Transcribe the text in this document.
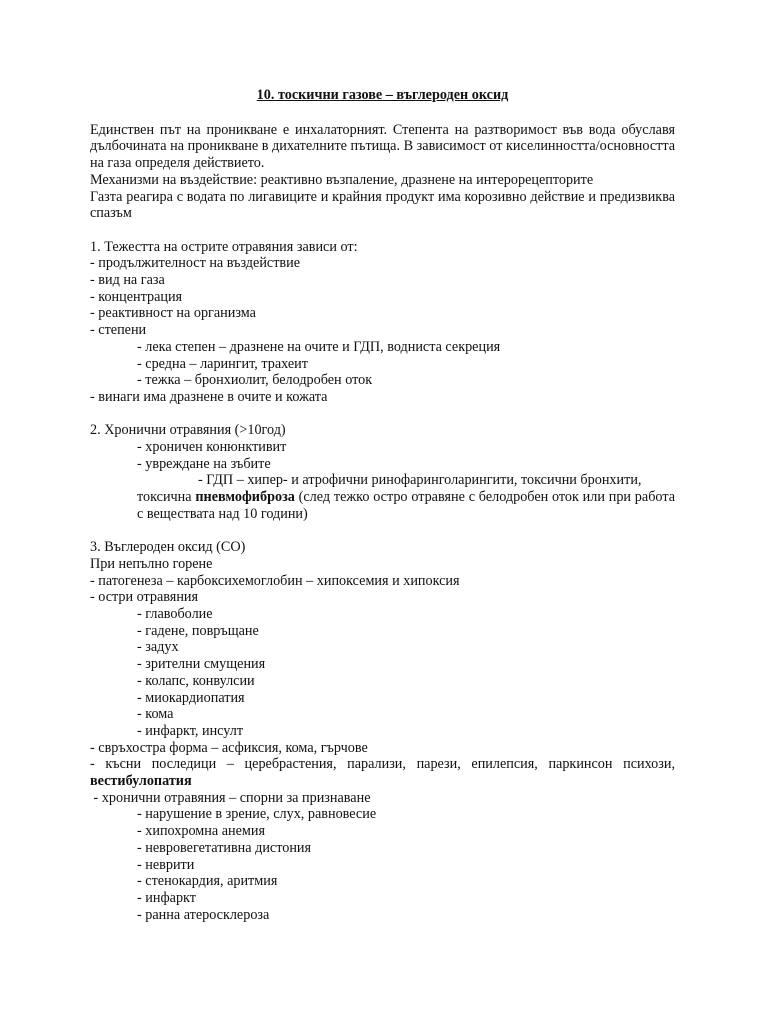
10. тоскични газове – въглероден оксид

Единствен път на проникване е инхалаторният. Степента на разтворимост във вода обуславя дълбочината на проникване в дихателните пътища. В зависимост от киселинността/основността на газа определя действието.

Механизми на въздействие: реактивно възпаление, дразнене на интерорецепторите

Газта реагира с водата по лигавиците и крайния продукт има корозивно действие и предизвиква спазъм

1. Тежестта на острите отравяния зависи от:

- продължителност на въздействие

- вид на газа

- концентрация

- реактивност на организма

- степени

- лека степен – дразнене на очите и ГДП, водниста секреция

- средна – ларингит, трахеит

- тежка – бронхиолит, белодробен оток

- винаги има дразнене в очите и кожата

2. Хронични отравяния (>10год)

- хроничен конюнктивит

- увреждане на зъбите

- ГДП – хипер- и атрофични ринофаринголарингити, токсични бронхити,

токсична пневмофиброза (след тежко остро отравяне с белодробен оток или при работа с веществата над 10 години)

3. Въглероден оксид (СО)

При непълно горене

- патогенеза – карбоксихемоглобин – хипоксемия и хипоксия

- остри отравяния

- главоболие

- гадене, повръщане

- задух

- зрителни смущения

- колапс, конвулсии

- миокардиопатия

- кома

- инфаркт, инсулт

- свръхостра форма – асфиксия, кома, гърчове

- късни последици – церебрастения, парализи, парези, епилепсия, паркинсон психози, вестибулопатия

- хронични отравяния – спорни за признаване

- нарушение в зрение, слух, равновесие

- хипохромна анемия

- невровегетативна дистония

- неврити

- стенокардия, аритмия

- инфаркт

- ранна атеросклероза
